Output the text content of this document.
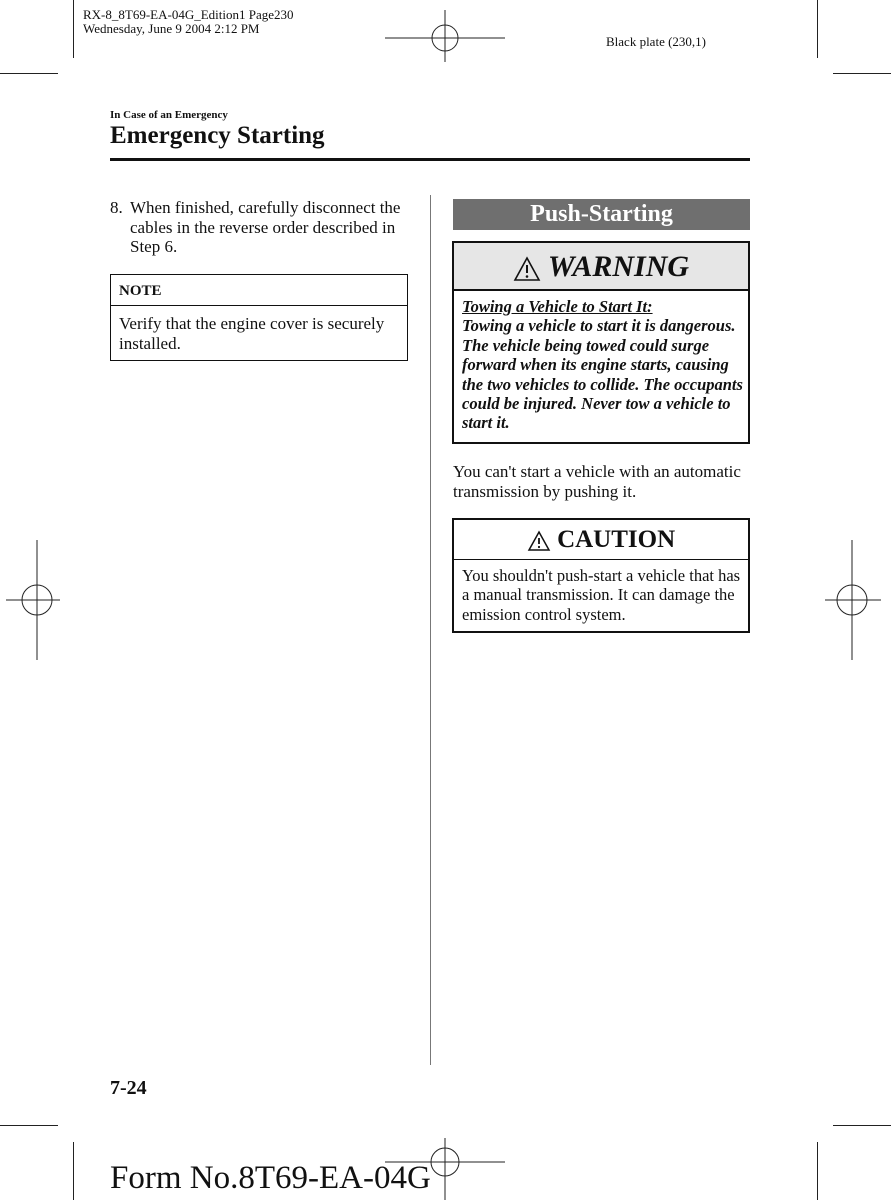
RX-8_8T69-EA-04G_Edition1 Page230
Wednesday, June 9 2004 2:12 PM
Black plate (230,1)
In Case of an Emergency
Emergency Starting
8. When finished, carefully disconnect the cables in the reverse order described in Step 6.
NOTE
Verify that the engine cover is securely installed.
Push-Starting
WARNING
Towing a Vehicle to Start It:
Towing a vehicle to start it is dangerous. The vehicle being towed could surge forward when its engine starts, causing the two vehicles to collide. The occupants could be injured. Never tow a vehicle to start it.
You can't start a vehicle with an automatic transmission by pushing it.
CAUTION
You shouldn't push-start a vehicle that has a manual transmission. It can damage the emission control system.
7-24
Form No.8T69-EA-04G
